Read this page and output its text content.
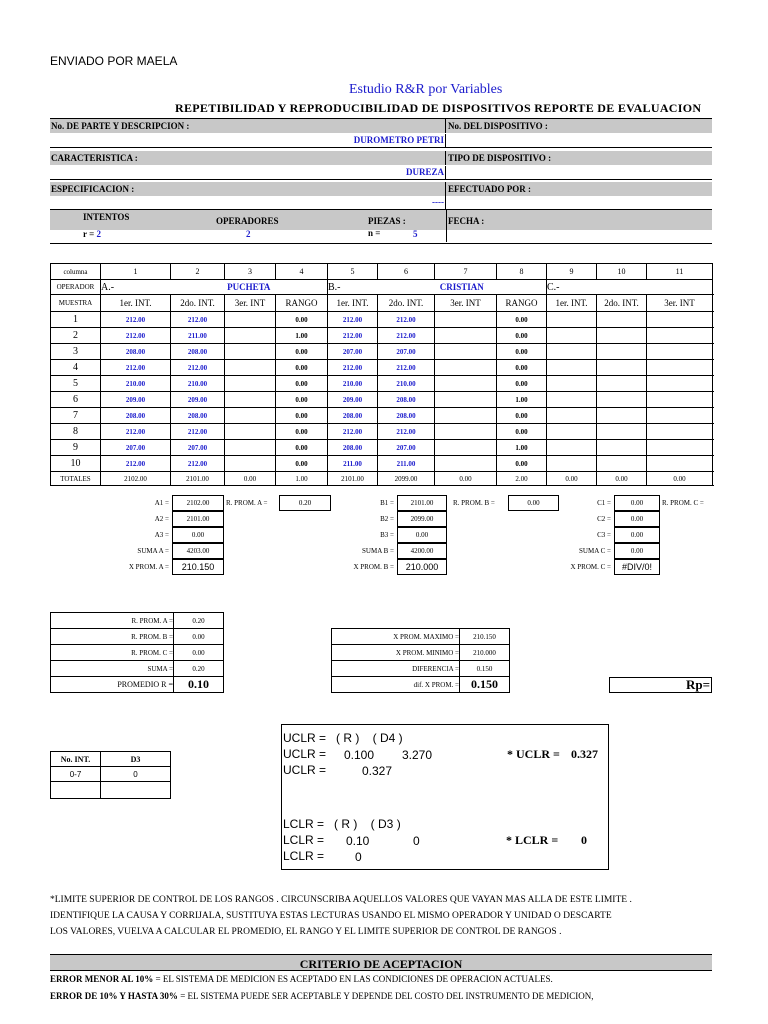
ENVIADO POR MAELA
Estudio R&R por Variables
REPETIBILIDAD Y REPRODUCIBILIDAD DE DISPOSITIVOS REPORTE DE EVALUACION
No. DE PARTE Y DESCRIPCION :	No. DEL DISPOSITIVO :
DUROMETRO PETRI
CARACTERISTICA :	TIPO DE DISPOSITIVO :
DUREZA
ESPECIFICACION :	EFECTUADO POR :
----
INTENTOS	OPERADORES	PIEZAS :	FECHA :
r = 2	2	n =	5
columna	1	2	3	4	5	6	7	8	9	10	11
OPERADOR	A.-	PUCHETA			B.-	CRISTIAN			C.-		
MUESTRA	1er. INT.	2do. INT.	3er. INT	RANGO	1er. INT.	2do. INT.	3er. INT	RANGO	1er. INT.	2do. INT.	3er. INT
1	212.00	212.00		0.00	212.00	212.00		0.00			
2	212.00	211.00		1.00	212.00	212.00		0.00			
3	208.00	208.00		0.00	207.00	207.00		0.00			
4	212.00	212.00		0.00	212.00	212.00		0.00			
5	210.00	210.00		0.00	210.00	210.00		0.00			
6	209.00	209.00		0.00	209.00	208.00		1.00			
7	208.00	208.00		0.00	208.00	208.00		0.00			
8	212.00	212.00		0.00	212.00	212.00		0.00			
9	207.00	207.00		0.00	208.00	207.00		1.00			
10	212.00	212.00		0.00	211.00	211.00		0.00			
TOTALES	2102.00	2101.00	0.00	1.00	2101.00	2099.00	0.00	2.00	0.00	0.00	0.00
A1 =	2102.00
A2 =	2101.00
A3 =	0.00
SUMA A =	4203.00
X PROM. A =	210.150
B1 =	2101.00
B2 =	2099.00
B3 =	0.00
SUMA B =	4200.00
X PROM. B =	210.000
C1 =	0.00
C2 =	0.00
C3 =	0.00
SUMA C =	0.00
X PROM. C =	#DIV/0!
R. PROM. A =	0.20	R. PROM. B =	0.00	R. PROM. C =
R. PROM. A =	0.20
R. PROM. B =	0.00
R. PROM. C =	0.00
SUMA =	0.20
PROMEDIO R =	0.10
X PROM. MAXIMO =	210.150
X PROM. MINIMO =	210.000
DIFERENCIA =	0.150
dif. X PROM. =	0.150	Rp=
No. INT.	D3
0-7	0

UCLR =   ( R )    ( D4 )
UCLR = 0.100 3.270
UCLR =	0.327
* UCLR = 0.327
LCLR =   ( R )    ( D3 )
LCLR = 0.10	0
LCLR =	0
* LCLR = 0
*LIMITE SUPERIOR DE CONTROL DE LOS RANGOS . CIRCUNSCRIBA AQUELLOS VALORES QUE VAYAN MAS ALLA DE ESTE LIMITE .
IDENTIFIQUE LA CAUSA Y CORRIJALA, SUSTITUYA ESTAS LECTURAS USANDO EL MISMO OPERADOR Y UNIDAD O DESCARTE
LOS VALORES, VUELVA A CALCULAR EL PROMEDIO, EL RANGO Y EL LIMITE SUPERIOR DE CONTROL DE RANGOS .
CRITERIO DE ACEPTACION
ERROR MENOR AL 10% = EL SISTEMA DE MEDICION ES ACEPTADO EN LAS CONDICIONES DE OPERACION ACTUALES.
ERROR DE 10% Y HASTA 30% = EL SISTEMA PUEDE SER ACEPTABLE Y DEPENDE DEL COSTO DEL INSTRUMENTO DE MEDICION,
